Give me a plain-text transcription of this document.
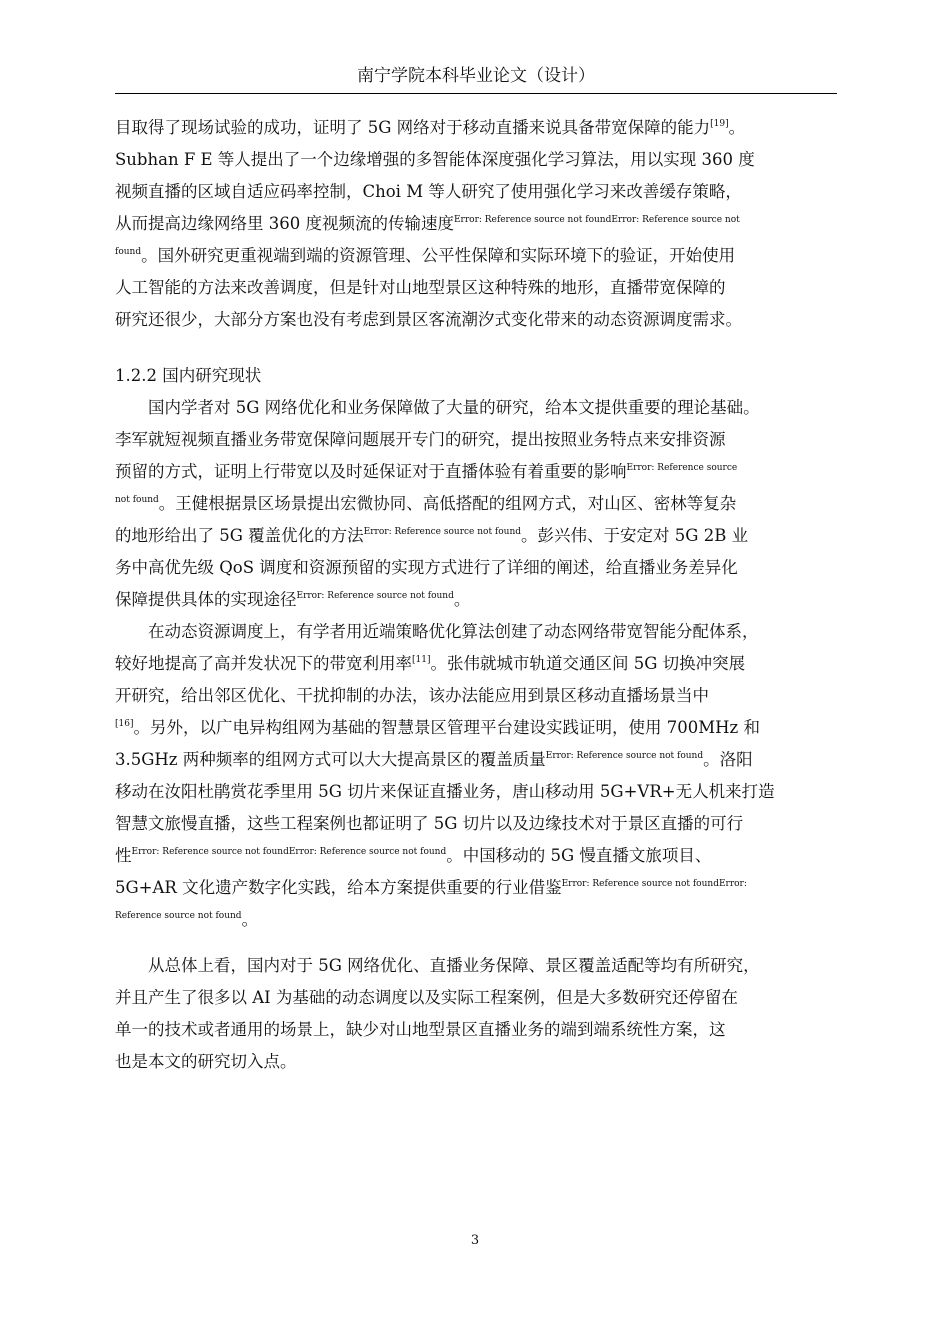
南宁学院本科毕业论文（设计）
目取得了现场试验的成功，证明了 5G 网络对于移动直播来说具备带宽保障的能力[19]。
Subhan F E 等人提出了一个边缘增强的多智能体深度强化学习算法，用以实现 360 度
视频直播的区域自适应码率控制，Choi M 等人研究了使用强化学习来改善缓存策略，
从而提高边缘网络里 360 度视频流的传输速度$^{Error: Reference source not foundError: Reference source not}$
$^{found}$。国外研究更重视端到端的资源管理、公平性保障和实际环境下的验证，开始使用
人工智能的方法来改善调度，但是针对山地型景区这种特殊的地形，直播带宽保障的
研究还很少，大部分方案也没有考虑到景区客流潮汐式变化带来的动态资源调度需求。
1.2.2 国内研究现状
国内学者对 5G 网络优化和业务保障做了大量的研究，给本文提供重要的理论基础。
李军就短视频直播业务带宽保障问题展开专门的研究，提出按照业务特点来安排资源
预留的方式，证明上行带宽以及时延保证对于直播体验有着重要的影响$^{Error: Reference source}$
$^{not found}$。王健根据景区场景提出宏微协同、高低搭配的组网方式，对山区、密林等复杂
的地形给出了 5G 覆盖优化的方法$^{Error: Reference source not found}$。彭兴伟、于安定对 5G 2B 业
务中高优先级 QoS 调度和资源预留的实现方式进行了详细的阐述，给直播业务差异化
保障提供具体的实现途径$^{Error: Reference source not found}$。
在动态资源调度上，有学者用近端策略优化算法创建了动态网络带宽智能分配体系，
较好地提高了高并发状况下的带宽利用率[11]。张伟就城市轨道交通区间 5G 切换冲突展
开研究，给出邻区优化、干扰抑制的办法，该办法能应用到景区移动直播场景当中
[16]。另外，以广电异构组网为基础的智慧景区管理平台建设实践证明，使用 700MHz 和
3.5GHz 两种频率的组网方式可以大大提高景区的覆盖质量$^{Error: Reference source not found}$。洛阳
移动在汝阳杜鹃赏花季里用 5G 切片来保证直播业务，唐山移动用 5G+VR+无人机来打造
智慧文旅慢直播，这些工程案例也都证明了 5G 切片以及边缘技术对于景区直播的可行
性$^{Error: Reference source not foundError: Reference source not found}$。中国移动的 5G 慢直播文旅项目、
5G+AR 文化遗产数字化实践，给本方案提供重要的行业借鉴$^{Error: Reference source not foundError:}$
$^{Reference source not found}$。
从总体上看，国内对于 5G 网络优化、直播业务保障、景区覆盖适配等均有所研究，
并且产生了很多以 AI 为基础的动态调度以及实际工程案例，但是大多数研究还停留在
单一的技术或者通用的场景上，缺少对山地型景区直播业务的端到端系统性方案，这
也是本文的研究切入点。
3
